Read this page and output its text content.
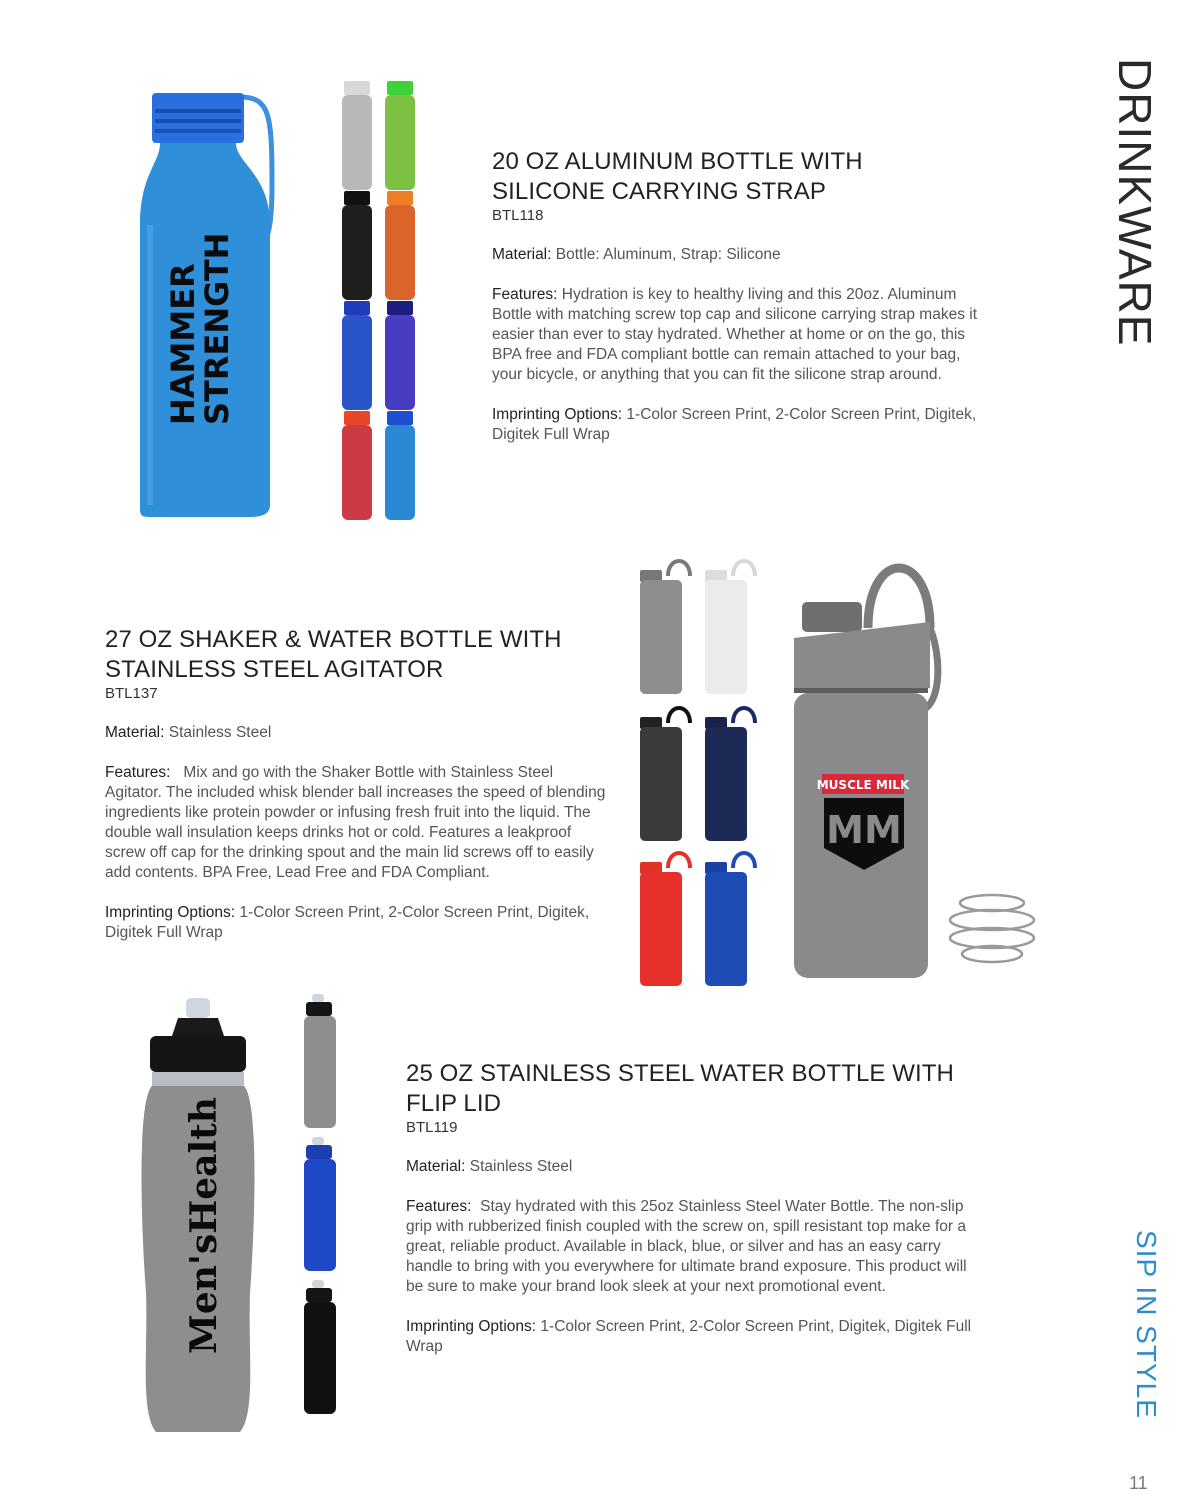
DRINKWARE
SIP IN STYLE
11
HAMMER
STRENGTH
20 OZ ALUMINUM BOTTLE WITH
SILICONE CARRYING STRAP

BTL118

Material: Bottle: Aluminum, Strap: Silicone

Features: Hydration is key to healthy living and this 20oz. Aluminum Bottle with matching screw top cap and silicone carrying strap makes it easier than ever to stay hydrated. Whether at home or on the go, this BPA free and FDA compliant bottle can remain attached to your bag, your bicycle, or anything that you can fit the silicone strap around.

Imprinting Options: 1-Color Screen Print, 2-Color Screen Print, Digitek, Digitek Full Wrap

27 OZ SHAKER & WATER BOTTLE WITH
STAINLESS STEEL AGITATOR

BTL137

Material: Stainless Steel

Features: Mix and go with the Shaker Bottle with Stainless Steel Agitator. The included whisk blender ball increases the speed of blending ingredients like protein powder or infusing fresh fruit into the liquid. The double wall insulation keeps drinks hot or cold. Features a leakproof screw off cap for the drinking spout and the main lid screws off to easily add contents. BPA Free, Lead Free and FDA Compliant.

Imprinting Options: 1-Color Screen Print, 2-Color Screen Print, Digitek, Digitek Full Wrap

MUSCLE MILK
MM
Men'sHealth
25 OZ STAINLESS STEEL WATER BOTTLE WITH
FLIP LID

BTL119

Material: Stainless Steel

Features: Stay hydrated with this 25oz Stainless Steel Water Bottle. The non-slip grip with rubberized finish coupled with the screw on, spill resistant top make for a great, reliable product. Available in black, blue, or silver and has an easy carry handle to bring with you everywhere for ultimate brand exposure. This product will be sure to make your brand look sleek at your next promotional event.

Imprinting Options: 1-Color Screen Print, 2-Color Screen Print, Digitek, Digitek Full Wrap
